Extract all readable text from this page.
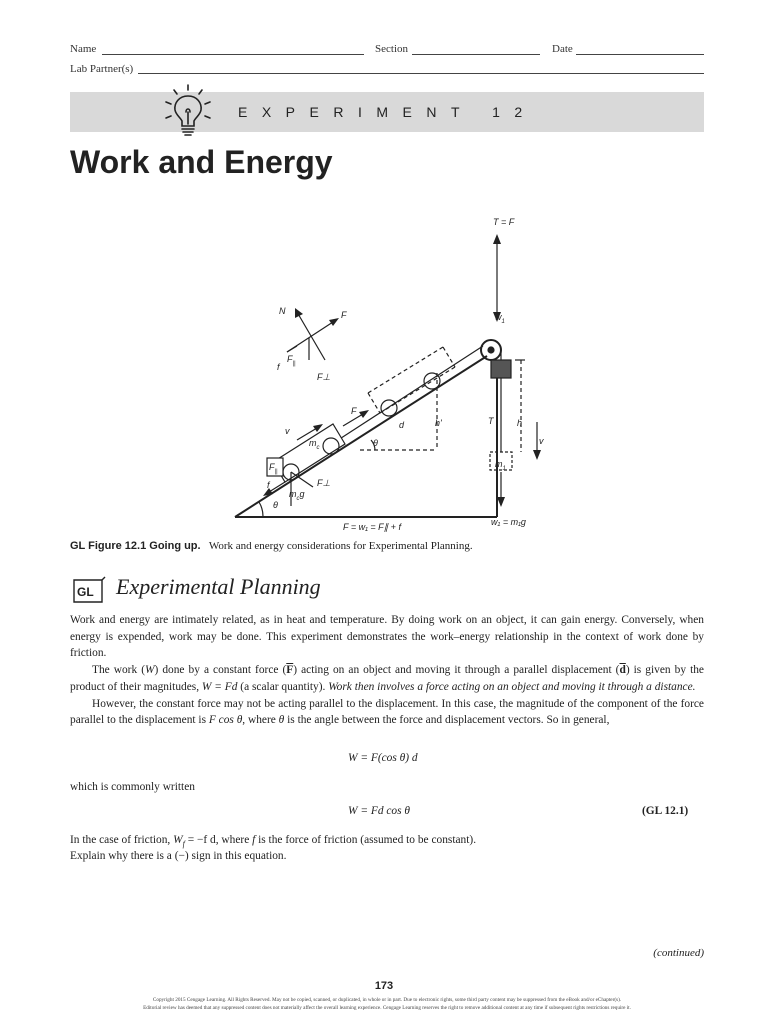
Name	Section	Date
Lab Partner(s)
EXPERIMENT 12
Work and Energy
T = F
$w_1$
N	F
f
$F_{||}$
F⊥
F
d	h'
θ
v
$m_c$
T	h
v
$m_1$
$F_{||}$
f	F⊥
$m_cg$
θ
F = w₁ = F∥ + f	w₁ = m₁g
GL Figure 12.1 Going up. Work and energy considerations for Experimental Planning.
GL Experimental Planning

Work and energy are intimately related, as in heat and temperature. By doing work on an object, it can gain energy. Conversely, when energy is expended, work may be done. This experiment demonstrates the work–energy relationship in the context of work done by friction.

The work (W) done by a constant force $(\overline{F})$ acting on an object and moving it through a parallel displacement $(\overline{d})$ is given by the product of their magnitudes, W = Fd (a scalar quantity). Work then involves a force acting on an object and moving it through a distance.

However, the constant force may not be acting parallel to the displacement. In this case, the magnitude of the component of the force parallel to the displacement is F cos θ, where θ is the angle between the force and displacement vectors. So in general,

W = F(cos θ) d
which is commonly written
W = Fd cos θ	(GL 12.1)
In the case of friction, $W_f = -f$ d, where f is the force of friction (assumed to be constant).
Explain why there is a (−) sign in this equation.
(continued)
173
Copyright 2015 Cengage Learning. All Rights Reserved. May not be copied, scanned, or duplicated, in whole or in part. Due to electronic rights, some third party content may be suppressed from the eBook and/or eChapter(s).
Editorial review has deemed that any suppressed content does not materially affect the overall learning experience. Cengage Learning reserves the right to remove additional content at any time if subsequent rights restrictions require it.
